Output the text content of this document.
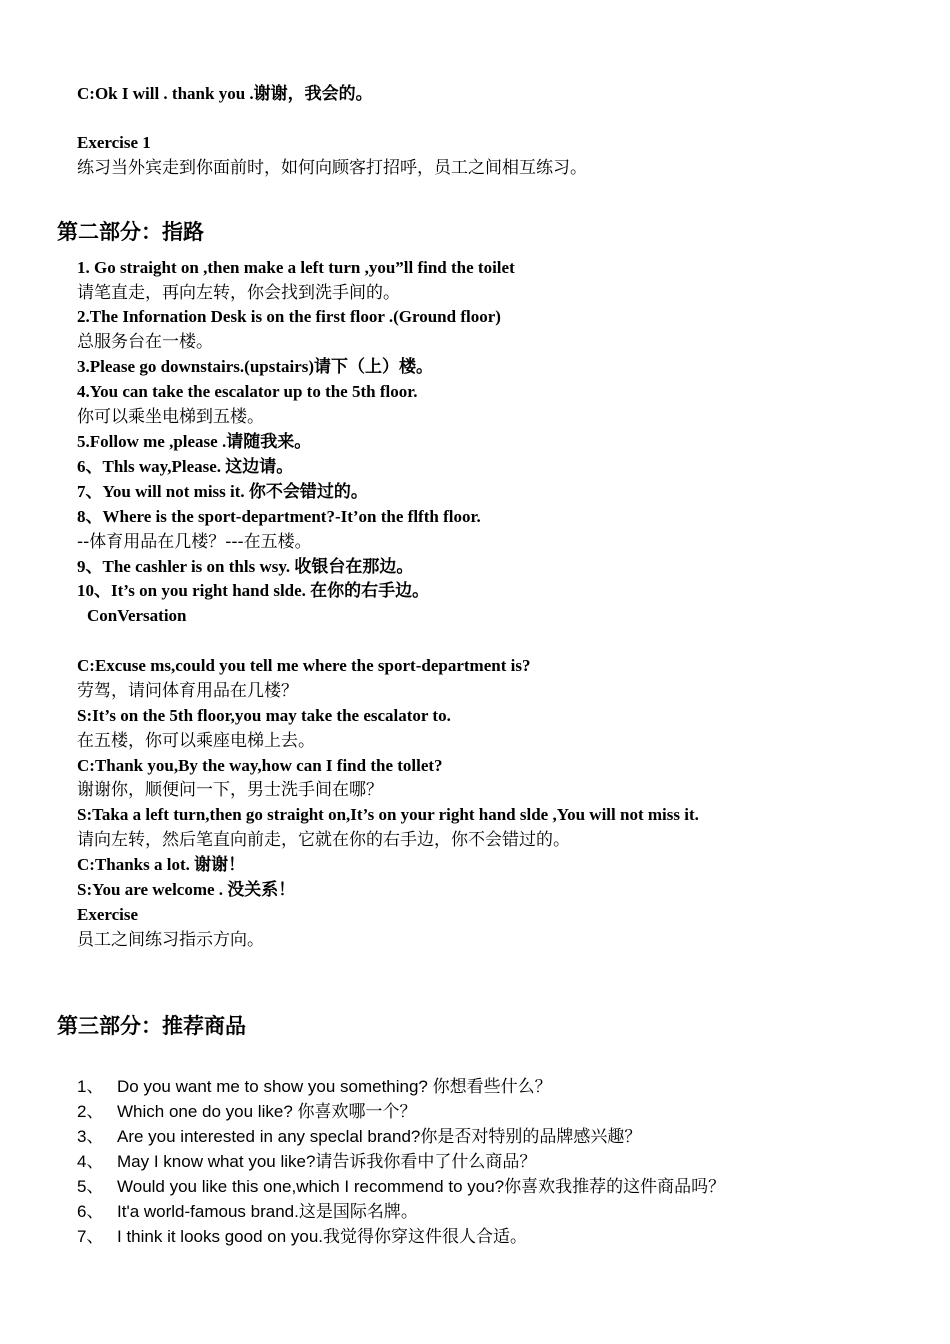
C:Ok I will . thank you .谢谢，我会的。
Exercise 1
练习当外宾走到你面前时，如何向顾客打招呼，员工之间相互练习。
第二部分：指路
1. Go straight on ,then make a left turn ,you”ll find the toilet
请笔直走，再向左转，你会找到洗手间的。
2.The Infornation Desk is on the first floor .(Ground floor)
总服务台在一楼。
3.Please go downstairs.(upstairs)请下（上）楼。
4.You can take the escalator up to the 5th floor.
你可以乘坐电梯到五楼。
5.Follow me ,please .请随我来。
6、Thls way,Please. 这边请。
7、You will not miss it. 你不会错过的。
8、Where is the sport-department?-It’on the flfth floor.
--体育用品在几楼？---在五楼。
9、The cashler is on thls wsy. 收银台在那边。
10、It’s on you right hand slde. 在你的右手边。
ConVersation
C:Excuse ms,could you tell me where the sport-department is?
劳驾，请问体育用品在几楼？
S:It’s on the 5th floor,you may take the escalator to.
在五楼，你可以乘座电梯上去。
C:Thank you,By the way,how can I find the tollet?
谢谢你，顺便问一下，男士洗手间在哪？
S:Taka a left turn,then go straight on,It’s on your right hand slde ,You will not miss it.
请向左转，然后笔直向前走，它就在你的右手边，你不会错过的。
C:Thanks a lot. 谢谢！
S:You are welcome . 没关系！
Exercise
员工之间练习指示方向。
第三部分：推荐商品
1、 Do you want me to show you something? 你想看些什么？
2、 Which one do you like? 你喜欢哪一个？
3、 Are you interested in any speclal brand?你是否对特别的品牌感兴趣？
4、 May I know what you like?请告诉我你看中了什么商品？
5、 Would you like this one,which I recommend to you?你喜欢我推荐的这件商品吗？
6、 It'a world-famous brand.这是国际名牌。
7、 I think it looks good on you.我觉得你穿这件很人合适。
